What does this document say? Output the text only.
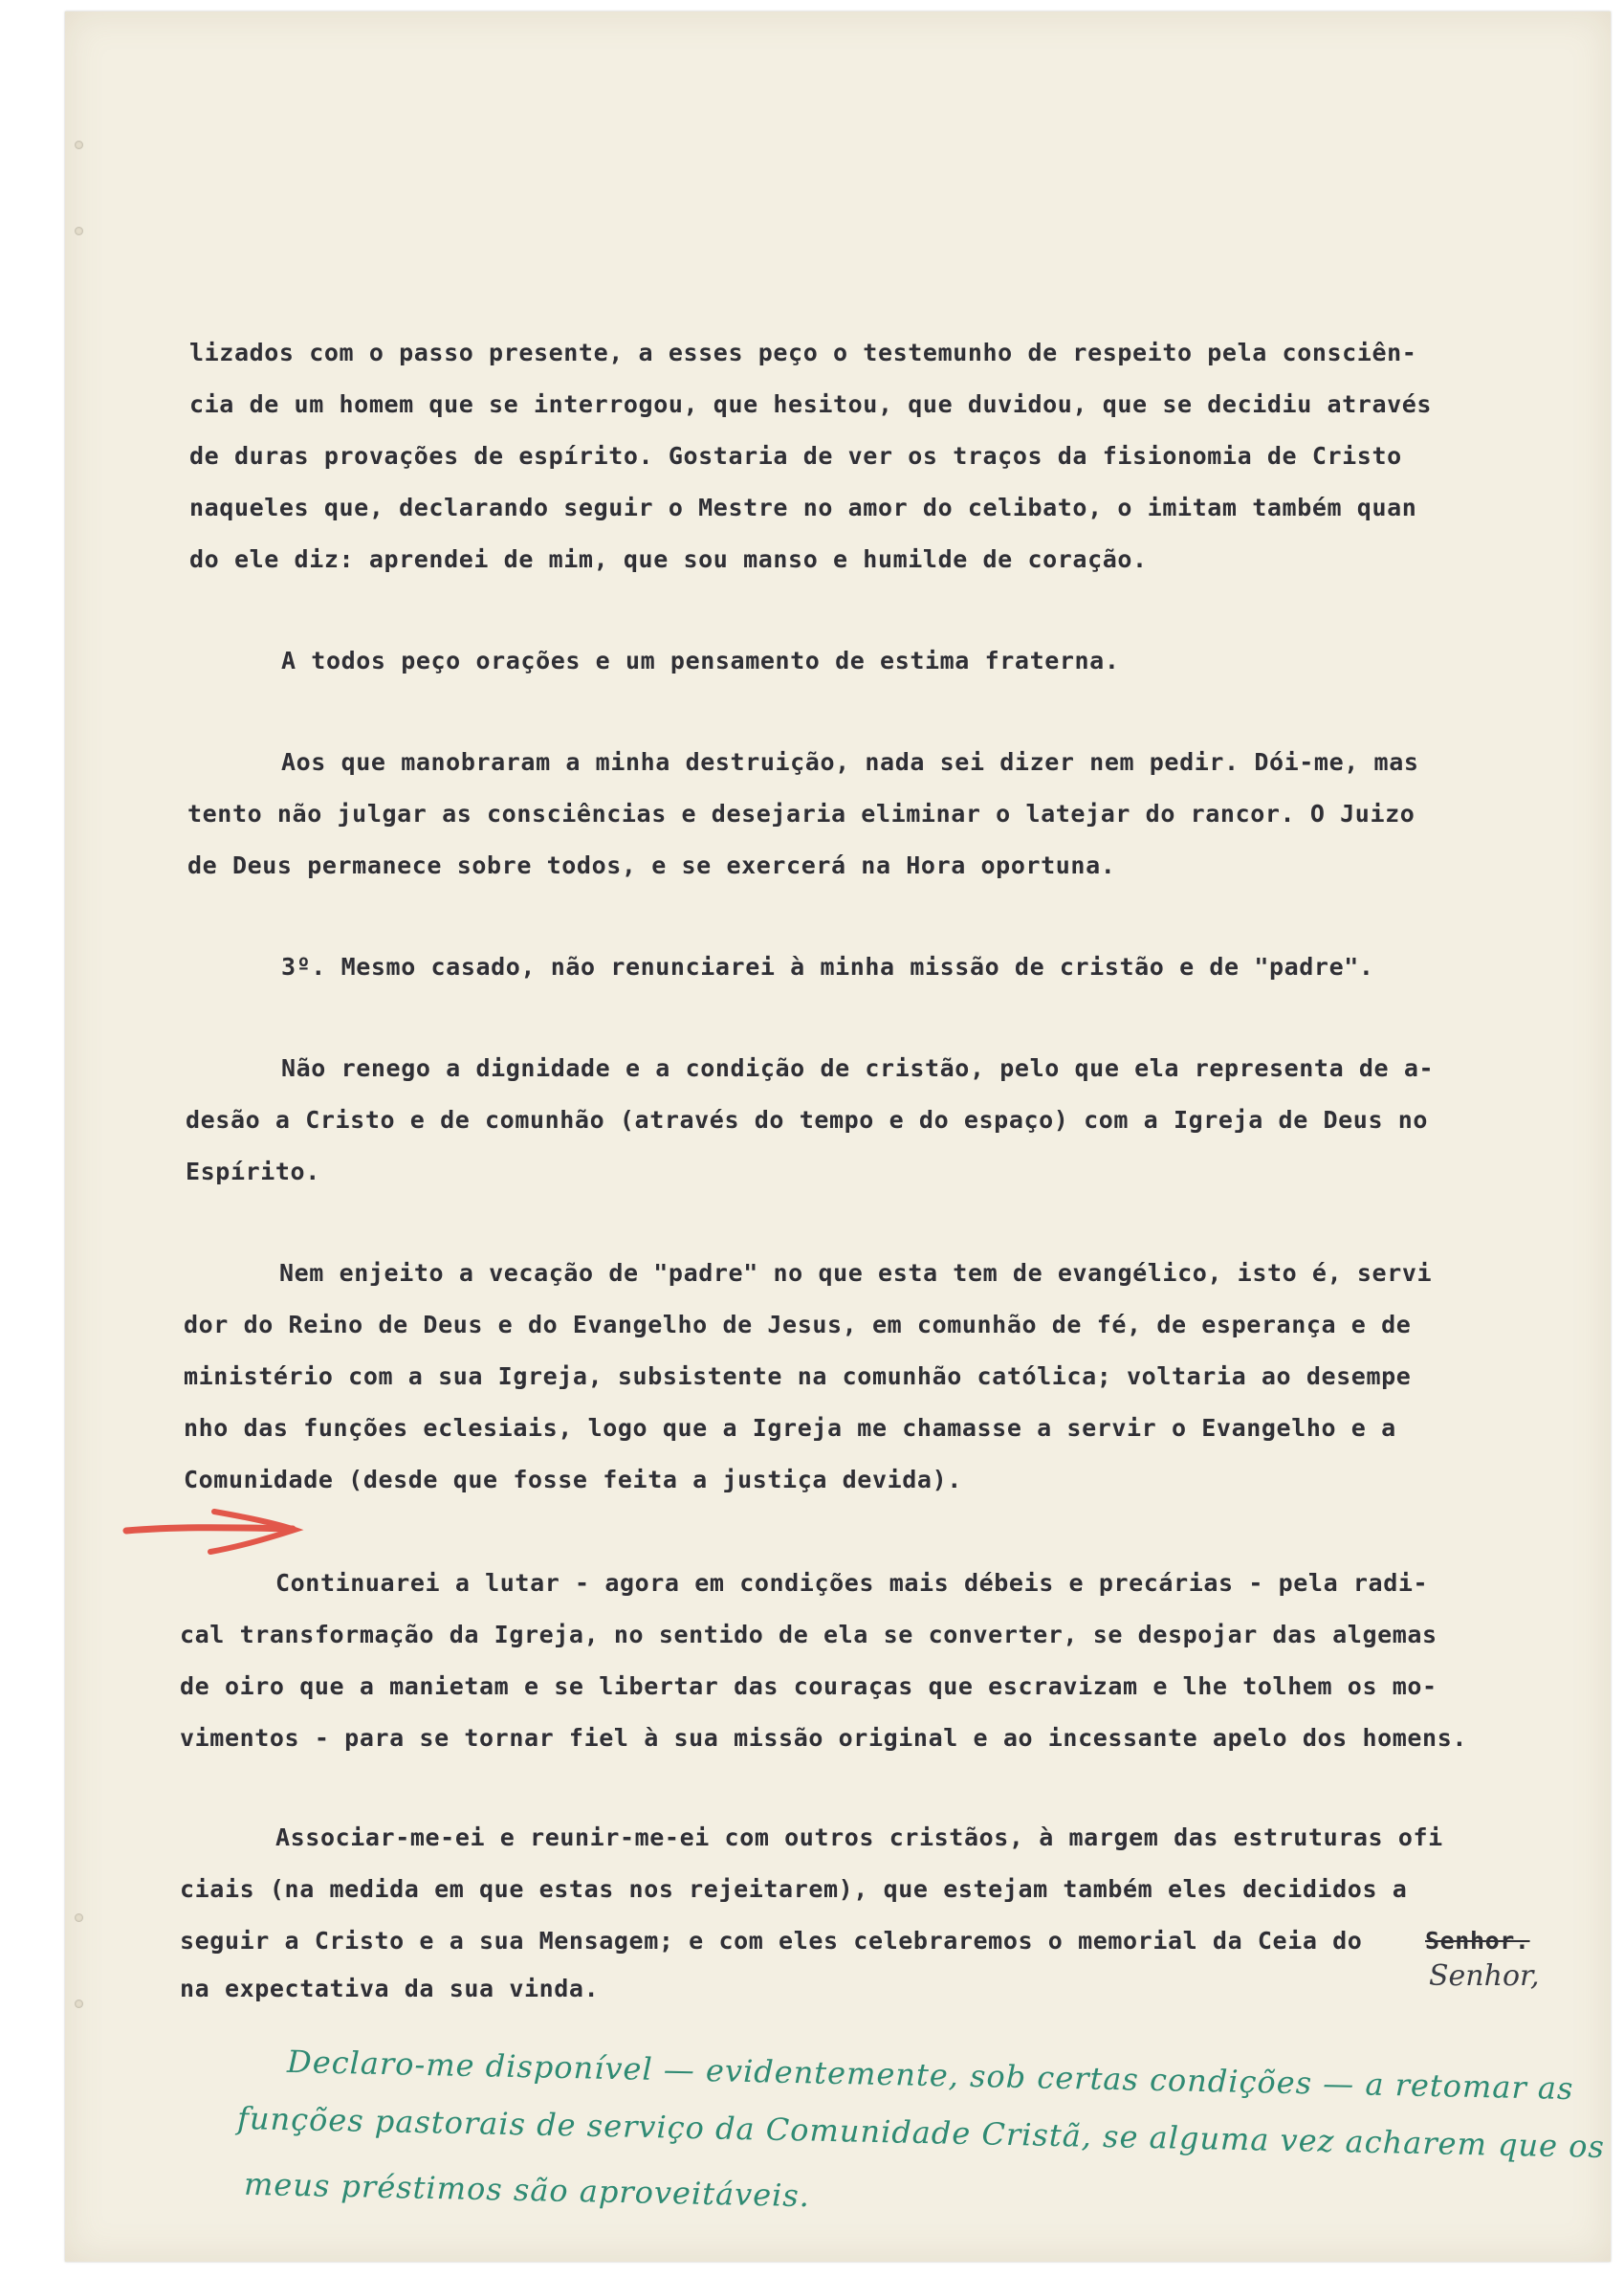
lizados com o passo presente, a esses peço o testemunho de respeito pela consciên-

cia de um homem que se interrogou, que hesitou, que duvidou, que se decidiu através

de duras provações de espírito. Gostaria de ver os traços da fisionomia de Cristo

naqueles que, declarando seguir o Mestre no amor do celibato, o imitam também quan

do ele diz: aprendei de mim, que sou manso e humilde de coração.

A todos peço orações e um pensamento de estima fraterna.

Aos que manobraram a minha destruição, nada sei dizer nem pedir. Dói-me, mas

tento não julgar as consciências e desejaria eliminar o latejar do rancor. O Juizo

de Deus permanece sobre todos, e se exercerá na Hora oportuna.

3º. Mesmo casado, não renunciarei à minha missão de cristão e de "padre".

Não renego a dignidade e a condição de cristão, pelo que ela representa de a-

desão a Cristo e de comunhão (através do tempo e do espaço) com a Igreja de Deus no

Espírito.

Nem enjeito a vecação de "padre" no que esta tem de evangélico, isto é, servi

dor do Reino de Deus e do Evangelho de Jesus, em comunhão de fé, de esperança e de

ministério com a sua Igreja, subsistente na comunhão católica; voltaria ao desempe

nho das funções eclesiais, logo que a Igreja me chamasse a servir o Evangelho e a

Comunidade (desde que fosse feita a justiça devida).

Continuarei a lutar - agora em condições mais débeis e precárias - pela radi-

cal transformação da Igreja, no sentido de ela se converter, se despojar das algemas

de oiro que a manietam e se libertar das couraças que escravizam e lhe tolhem os mo-

vimentos - para se tornar fiel à sua missão original e ao incessante apelo dos homens.

Associar-me-ei e reunir-me-ei com outros cristãos, à margem das estruturas ofi

ciais (na medida em que estas nos rejeitarem), que estejam também eles decididos a

seguir a Cristo e a sua Mensagem; e com eles celebraremos o memorial da Ceia do	Senhor.
Senhor,

na expectativa da sua vinda.

Declaro-me disponível — evidentemente, sob certas condições — a retomar as
funções pastorais de serviço da Comunidade Cristã, se alguma vez acharem que os
meus préstimos são aproveitáveis.
